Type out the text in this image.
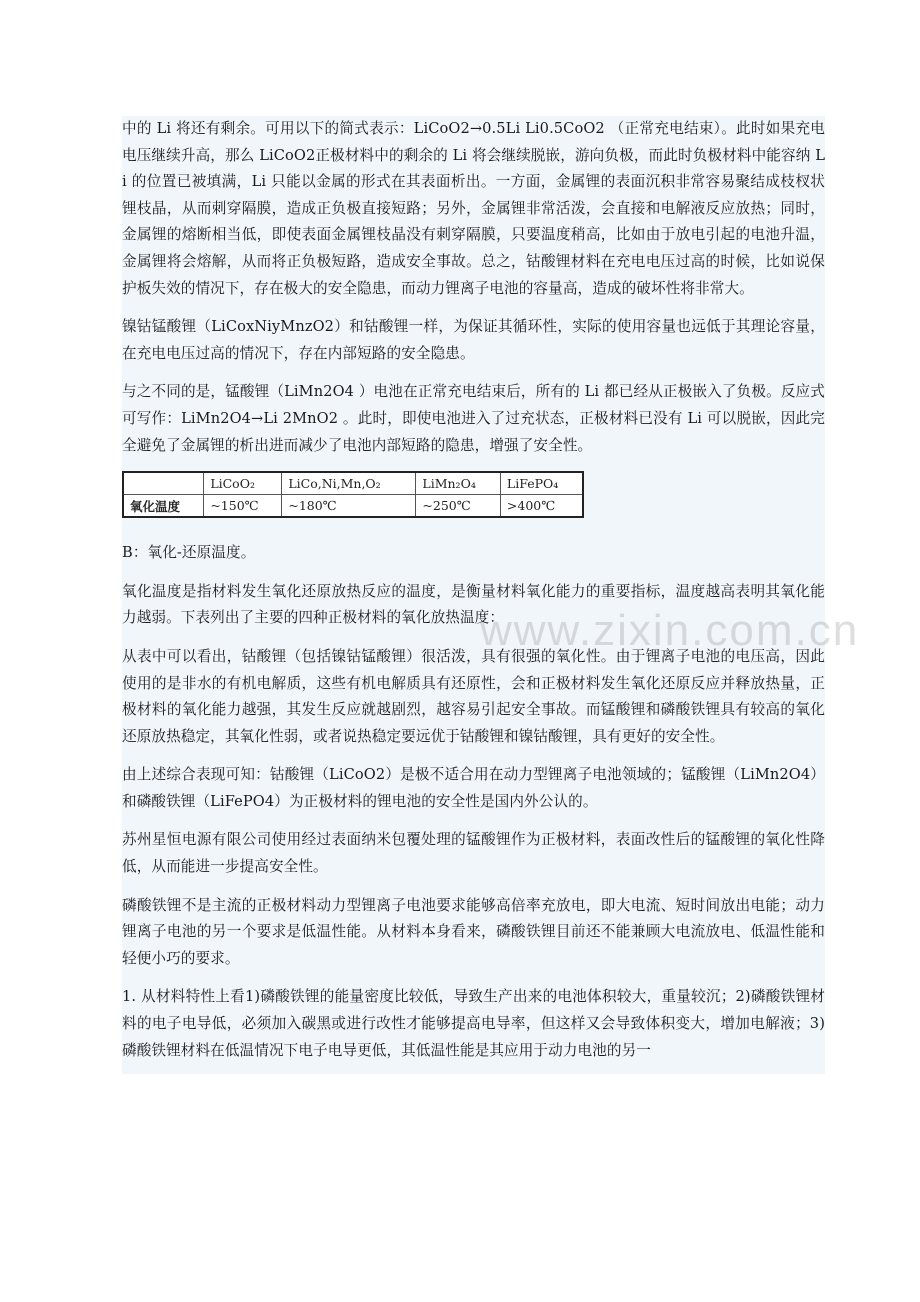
中的 Li 将还有剩余。可用以下的简式表示：LiCoO2→0.5Li Li0.5CoO2 （正常充电结束）。此时如果充电电压继续升高，那么 LiCoO2正极材料中的剩余的 Li 将会继续脱嵌，游向负极，而此时负极材料中能容纳 Li 的位置已被填满，Li 只能以金属的形式在其表面析出。一方面，金属锂的表面沉积非常容易聚结成枝杈状锂枝晶，从而刺穿隔膜，造成正负极直接短路；另外，金属锂非常活泼，会直接和电解液反应放热；同时，金属锂的熔断相当低，即使表面金属锂枝晶没有刺穿隔膜，只要温度稍高，比如由于放电引起的电池升温，金属锂将会熔解，从而将正负极短路，造成安全事故。总之，钴酸锂材料在充电电压过高的时候，比如说保护板失效的情况下，存在极大的安全隐患，而动力锂离子电池的容量高，造成的破坏性将非常大。

镍钴锰酸锂（LiCoxNiyMnzO2）和钴酸锂一样，为保证其循环性，实际的使用容量也远低于其理论容量，在充电电压过高的情况下，存在内部短路的安全隐患。

与之不同的是，锰酸锂（LiMn2O4 ）电池在正常充电结束后，所有的 Li 都已经从正极嵌入了负极。反应式可写作：LiMn2O4→Li 2MnO2 。此时，即使电池进入了过充状态，正极材料已没有 Li 可以脱嵌，因此完全避免了金属锂的析出进而减少了电池内部短路的隐患，增强了安全性。

	LiCoO₂	LiCo,Ni,Mn,O₂	LiMn₂O₄	LiFePO₄
氧化温度	~150℃	~180℃	~250℃	>400℃

B：氧化-还原温度。

氧化温度是指材料发生氧化还原放热反应的温度，是衡量材料氧化能力的重要指标，温度越高表明其氧化能力越弱。下表列出了主要的四种正极材料的氧化放热温度：

从表中可以看出，钴酸锂（包括镍钴锰酸锂）很活泼，具有很强的氧化性。由于锂离子电池的电压高，因此使用的是非水的有机电解质，这些有机电解质具有还原性，会和正极材料发生氧化还原反应并释放热量，正极材料的氧化能力越强，其发生反应就越剧烈，越容易引起安全事故。而锰酸锂和磷酸铁锂具有较高的氧化还原放热稳定，其氧化性弱，或者说热稳定要远优于钴酸锂和镍钴酸锂，具有更好的安全性。

由上述综合表现可知：钴酸锂（LiCoO2）是极不适合用在动力型锂离子电池领域的；锰酸锂（LiMn2O4）和磷酸铁锂（LiFePO4）为正极材料的锂电池的安全性是国内外公认的。

苏州星恒电源有限公司使用经过表面纳米包覆处理的锰酸锂作为正极材料，表面改性后的锰酸锂的氧化性降低，从而能进一步提高安全性。

磷酸铁锂不是主流的正极材料动力型锂离子电池要求能够高倍率充放电，即大电流、短时间放出电能；动力锂离子电池的另一个要求是低温性能。从材料本身看来，磷酸铁锂目前还不能兼顾大电流放电、低温性能和轻便小巧的要求。

1. 从材料特性上看1)磷酸铁锂的能量密度比较低，导致生产出来的电池体积较大，重量较沉；2)磷酸铁锂材料的电子电导低，必须加入碳黑或进行改性才能够提高电导率，但这样又会导致体积变大，增加电解液；3)磷酸铁锂材料在低温情况下电子电导更低，其低温性能是其应用于动力电池的另一

www.zixin.com.cn
